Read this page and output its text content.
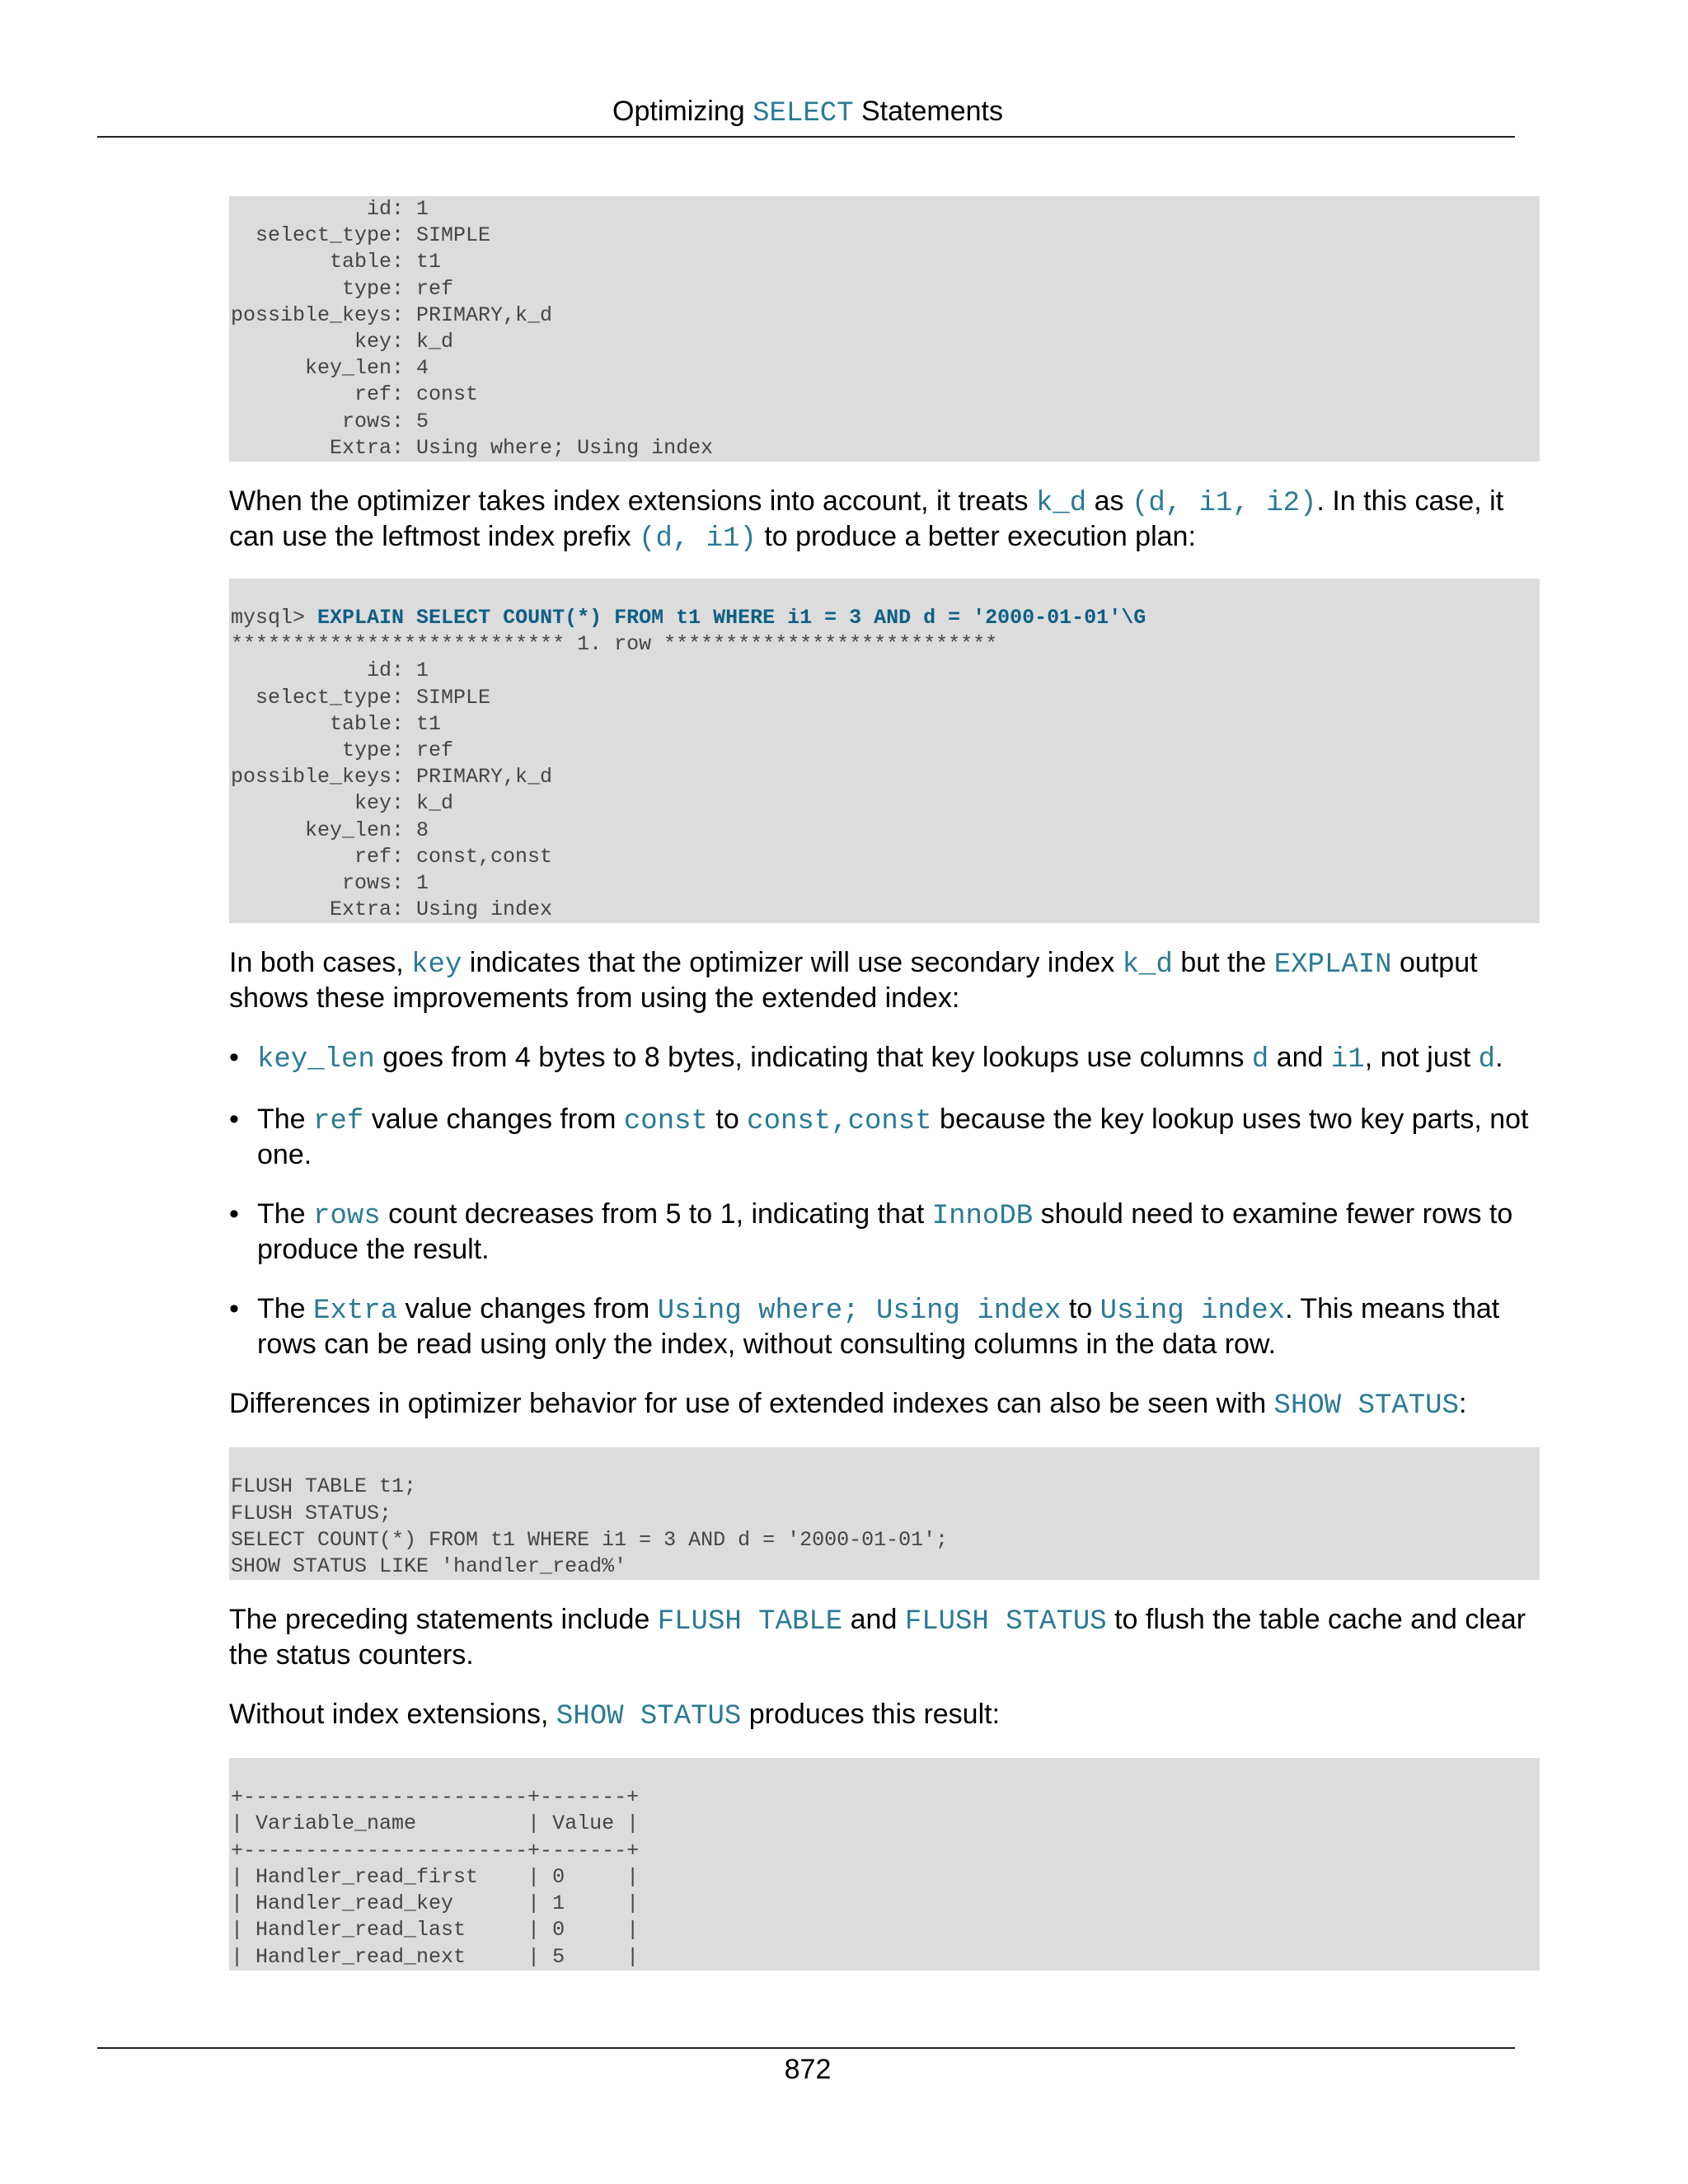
Optimizing SELECT Statements
id: 1
select_type: SIMPLE
table: t1
type: ref
possible_keys: PRIMARY,k_d
key: k_d
key_len: 4
ref: const
rows: 5
Extra: Using where; Using index

When the optimizer takes index extensions into account, it treats k_d as (d, i1, i2). In this case, it can use the leftmost index prefix (d, i1) to produce a better execution plan:

mysql> EXPLAIN SELECT COUNT(*) FROM t1 WHERE i1 = 3 AND d = '2000-01-01'\G
*************************** 1. row ***************************
id: 1
select_type: SIMPLE
table: t1
type: ref
possible_keys: PRIMARY,k_d
key: k_d
key_len: 8
ref: const,const
rows: 1
Extra: Using index

In both cases, key indicates that the optimizer will use secondary index k_d but the EXPLAIN output shows these improvements from using the extended index:

• key_len goes from 4 bytes to 8 bytes, indicating that key lookups use columns d and i1, not just d.
• The ref value changes from const to const,const because the key lookup uses two key parts, not one.
• The rows count decreases from 5 to 1, indicating that InnoDB should need to examine fewer rows to produce the result.
• The Extra value changes from Using where; Using index to Using index. This means that rows can be read using only the index, without consulting columns in the data row.

Differences in optimizer behavior for use of extended indexes can also be seen with SHOW STATUS:

FLUSH TABLE t1;
FLUSH STATUS;
SELECT COUNT(*) FROM t1 WHERE i1 = 3 AND d = '2000-01-01';
SHOW STATUS LIKE 'handler_read%'

The preceding statements include FLUSH TABLE and FLUSH STATUS to flush the table cache and clear the status counters.

Without index extensions, SHOW STATUS produces this result:

+-----------------------+-------+
| Variable_name         | Value |
+-----------------------+-------+
| Handler_read_first    | 0     |
| Handler_read_key      | 1     |
| Handler_read_last     | 0     |
| Handler_read_next     | 5     |
872
